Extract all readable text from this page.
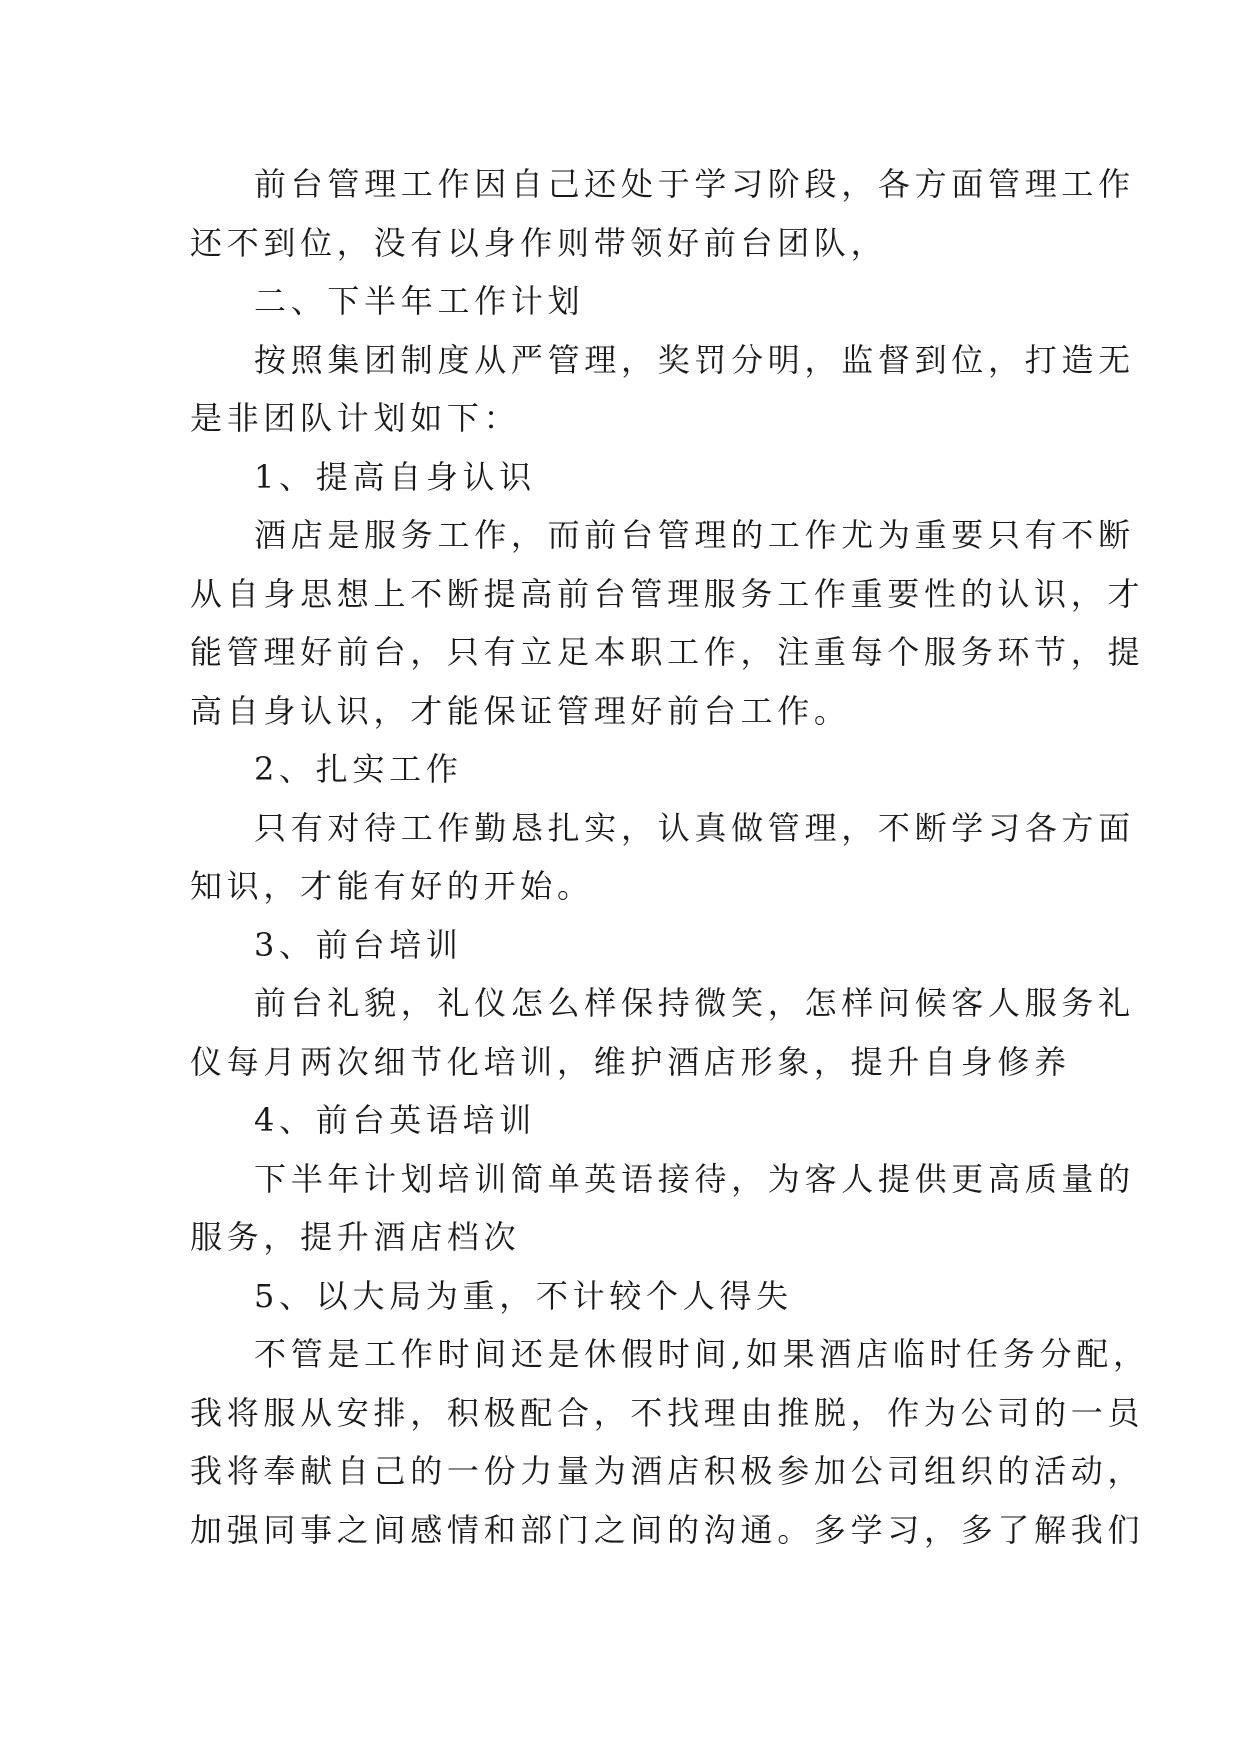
前台管理工作因自己还处于学习阶段，各方面管理工作
还不到位，没有以身作则带领好前台团队，
二、下半年工作计划
按照集团制度从严管理，奖罚分明，监督到位，打造无
是非团队计划如下：
1、提高自身认识
酒店是服务工作，而前台管理的工作尤为重要只有不断
从自身思想上不断提高前台管理服务工作重要性的认识，才
能管理好前台，只有立足本职工作，注重每个服务环节，提
高自身认识，才能保证管理好前台工作。
2、扎实工作
只有对待工作勤恳扎实，认真做管理，不断学习各方面
知识，才能有好的开始。
3、前台培训
前台礼貌，礼仪怎么样保持微笑，怎样问候客人服务礼
仪每月两次细节化培训，维护酒店形象，提升自身修养
4、前台英语培训
下半年计划培训简单英语接待，为客人提供更高质量的
服务，提升酒店档次
5、以大局为重，不计较个人得失
不管是工作时间还是休假时间,如果酒店临时任务分配，
我将服从安排，积极配合，不找理由推脱，作为公司的一员
我将奉献自己的一份力量为酒店积极参加公司组织的活动，
加强同事之间感情和部门之间的沟通。多学习，多了解我们
